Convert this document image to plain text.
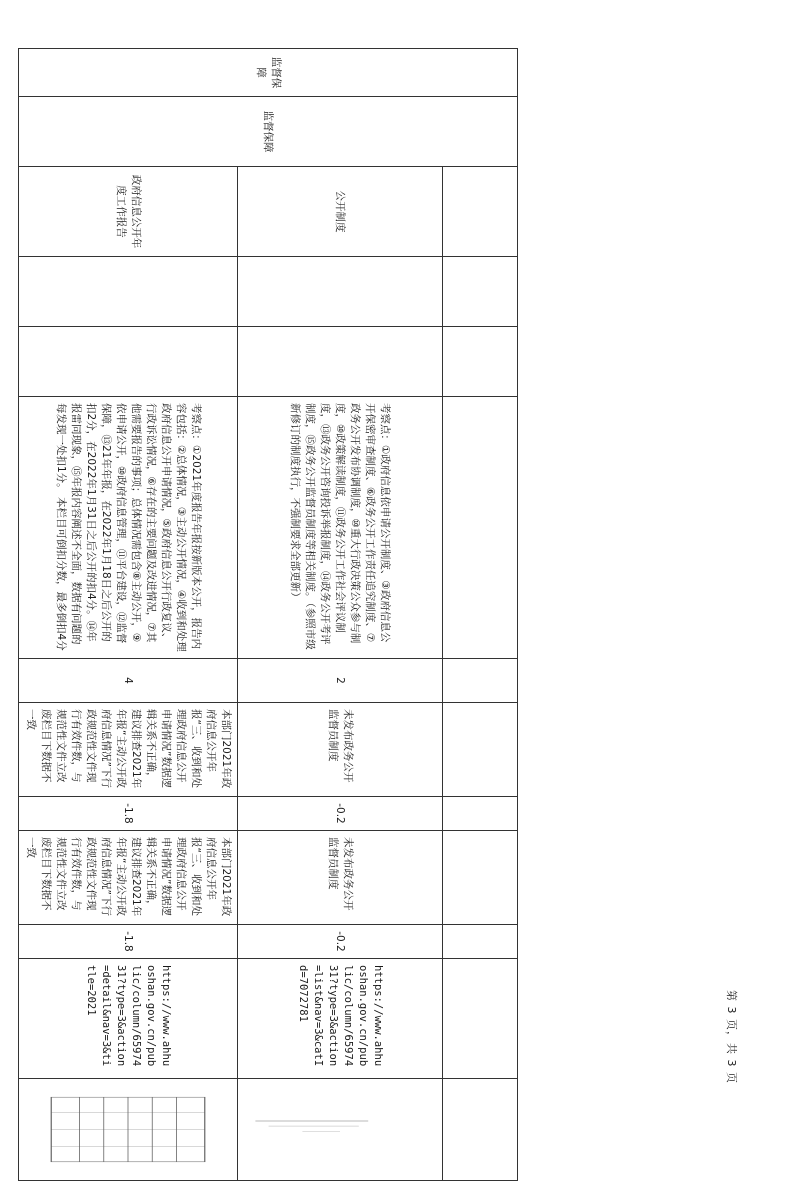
监督保障	监督保障											
		公开制度			考察点：①政府信息依申请公开制度、③政府信息公开保密审查制度、⑥政务公开工作责任追究制度、⑦政务公开发布协调制度，⑩重大行政决策公众参与制度，⑩政策解读制度，⑪政务公开工作社会评议制度，⑬政务公开咨询投诉举报制度，⑭政务公开考评制度，⑮政务公开监督员制度等相关制度。（参照市级新修订的制度执行，不强制要求全部更新）	2	未发布政务公开监督员制度	-0.2	未发布政务公开监督员制度	-0.2	https://www.ahhuoshan.gov.cn/public/column/6597431?type=3&action=list&nav=3&catId=7072781	

		政府信息公开年度工作报告			考察点：①2021年度报告年报按新版本公开，报告内容包括：②总体情况，③主动公开情况，④收到和处理政府信息公开申请情况，⑤政府信息公开行政复议、行政诉讼情况，⑥存在的主要问题及改进情况，⑦其他需要报告的事项；总体情况需包含⑧主动公开，⑨依申请公开，⑩政府信息管理，⑪平台建设，⑫监督保障，⑬21年年报，在2022年1月18日之后公开的扣2分，在2022年1月31日之后公开的扣4分。⑭年报雷同现象，⑮年报内容阐述不全面，数据有问题的每发现一处扣1分。 本栏目可倒扣分数，最多倒扣4分	4	本部门2021年政府信息公开年报“三、收到和处理政府信息公开申请情况”数据逻辑关系不正确，建议排查2021年年报“主动公开政府信息情况”下行政规范性文件现行有效件数，与规范性文件立改废栏目下数据不一致	-1.8	本部门2021年政府信息公开年报“三、收到和处理政府信息公开申请情况”数据逻辑关系不正确，建议排查2021年年报“主动公开政府信息情况”下行政规范性文件现行有效件数，与规范性文件立改废栏目下数据不一致	-1.8	https://www.ahhuoshan.gov.cn/public/column/6597431?type=3&action=detail&nav=3&title=2021		第 3 页，共 3 页
